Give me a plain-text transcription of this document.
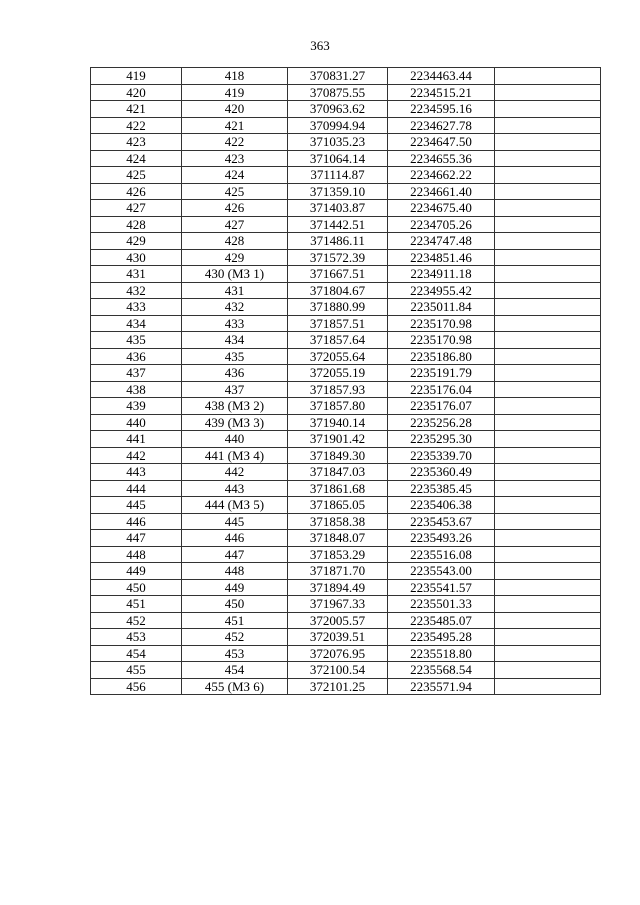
363
419	418	370831.27	2234463.44	
420	419	370875.55	2234515.21	
421	420	370963.62	2234595.16	
422	421	370994.94	2234627.78	
423	422	371035.23	2234647.50	
424	423	371064.14	2234655.36	
425	424	371114.87	2234662.22	
426	425	371359.10	2234661.40	
427	426	371403.87	2234675.40	
428	427	371442.51	2234705.26	
429	428	371486.11	2234747.48	
430	429	371572.39	2234851.46	
431	430 (МЗ 1)	371667.51	2234911.18	
432	431	371804.67	2234955.42	
433	432	371880.99	2235011.84	
434	433	371857.51	2235170.98	
435	434	371857.64	2235170.98	
436	435	372055.64	2235186.80	
437	436	372055.19	2235191.79	
438	437	371857.93	2235176.04	
439	438 (МЗ 2)	371857.80	2235176.07	
440	439 (МЗ 3)	371940.14	2235256.28	
441	440	371901.42	2235295.30	
442	441 (МЗ 4)	371849.30	2235339.70	
443	442	371847.03	2235360.49	
444	443	371861.68	2235385.45	
445	444 (МЗ 5)	371865.05	2235406.38	
446	445	371858.38	2235453.67	
447	446	371848.07	2235493.26	
448	447	371853.29	2235516.08	
449	448	371871.70	2235543.00	
450	449	371894.49	2235541.57	
451	450	371967.33	2235501.33	
452	451	372005.57	2235485.07	
453	452	372039.51	2235495.28	
454	453	372076.95	2235518.80	
455	454	372100.54	2235568.54	
456	455 (МЗ 6)	372101.25	2235571.94	
